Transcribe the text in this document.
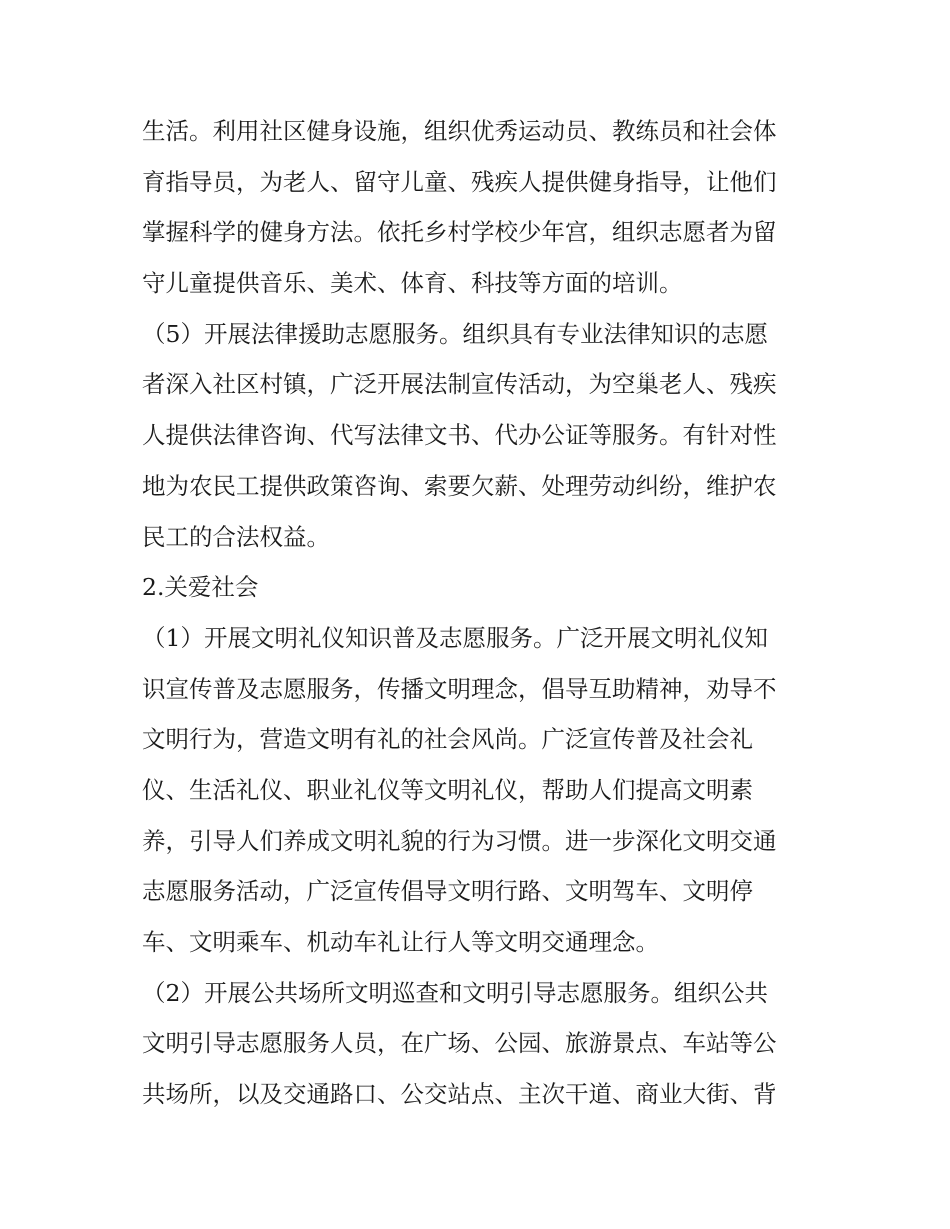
生活。利用社区健身设施，组织优秀运动员、教练员和社会体
育指导员，为老人、留守儿童、残疾人提供健身指导，让他们
掌握科学的健身方法。依托乡村学校少年宫，组织志愿者为留
守儿童提供音乐、美术、体育、科技等方面的培训。
（5）开展法律援助志愿服务。组织具有专业法律知识的志愿
者深入社区村镇，广泛开展法制宣传活动，为空巢老人、残疾
人提供法律咨询、代写法律文书、代办公证等服务。有针对性
地为农民工提供政策咨询、索要欠薪、处理劳动纠纷，维护农
民工的合法权益。
2.关爱社会
（1）开展文明礼仪知识普及志愿服务。广泛开展文明礼仪知
识宣传普及志愿服务，传播文明理念，倡导互助精神，劝导不
文明行为，营造文明有礼的社会风尚。广泛宣传普及社会礼
仪、生活礼仪、职业礼仪等文明礼仪，帮助人们提高文明素
养，引导人们养成文明礼貌的行为习惯。进一步深化文明交通
志愿服务活动，广泛宣传倡导文明行路、文明驾车、文明停
车、文明乘车、机动车礼让行人等文明交通理念。
（2）开展公共场所文明巡查和文明引导志愿服务。组织公共
文明引导志愿服务人员，在广场、公园、旅游景点、车站等公
共场所，以及交通路口、公交站点、主次干道、商业大街、背
